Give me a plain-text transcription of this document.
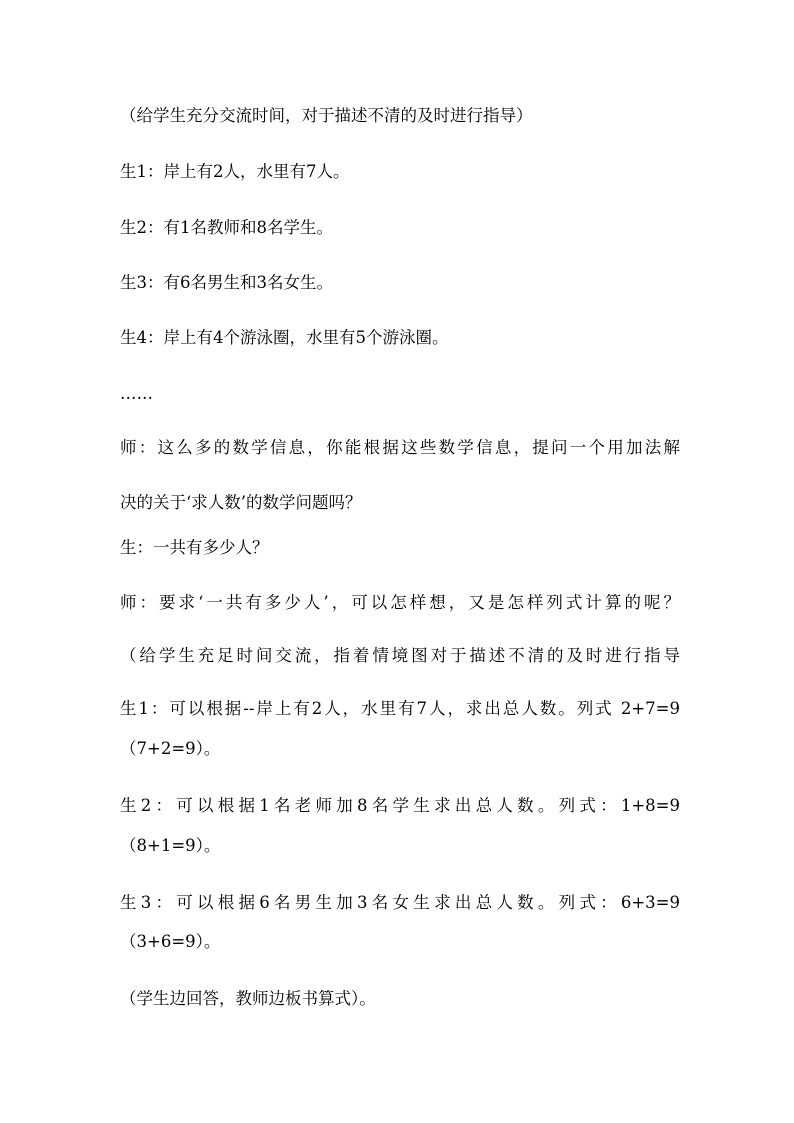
（给学生充分交流时间，对于描述不清的及时进行指导）
生1：岸上有2人，水里有7人。
生2：有1名教师和8名学生。
生3：有6名男生和3名女生。
生4：岸上有4个游泳圈，水里有5个游泳圈。
……
师：这么多的数学信息，你能根据这些数学信息，提问一个用加法解
决的关于‘求人数’的数学问题吗？
生：一共有多少人？
师：要求‘一共有多少人’，可以怎样想，又是怎样列式计算的呢？
（给学生充足时间交流，指着情境图对于描述不清的及时进行指导
生1：可以根据--岸上有2人，水里有7人，求出总人数。列式 2+7=9
（7+2=9）。
生2：可以根据1名老师加8名学生求出总人数。列式：1+8=9
（8+1=9）。
生3：可以根据6名男生加3名女生求出总人数。列式：6+3=9
（3+6=9）。
（学生边回答，教师边板书算式）。
